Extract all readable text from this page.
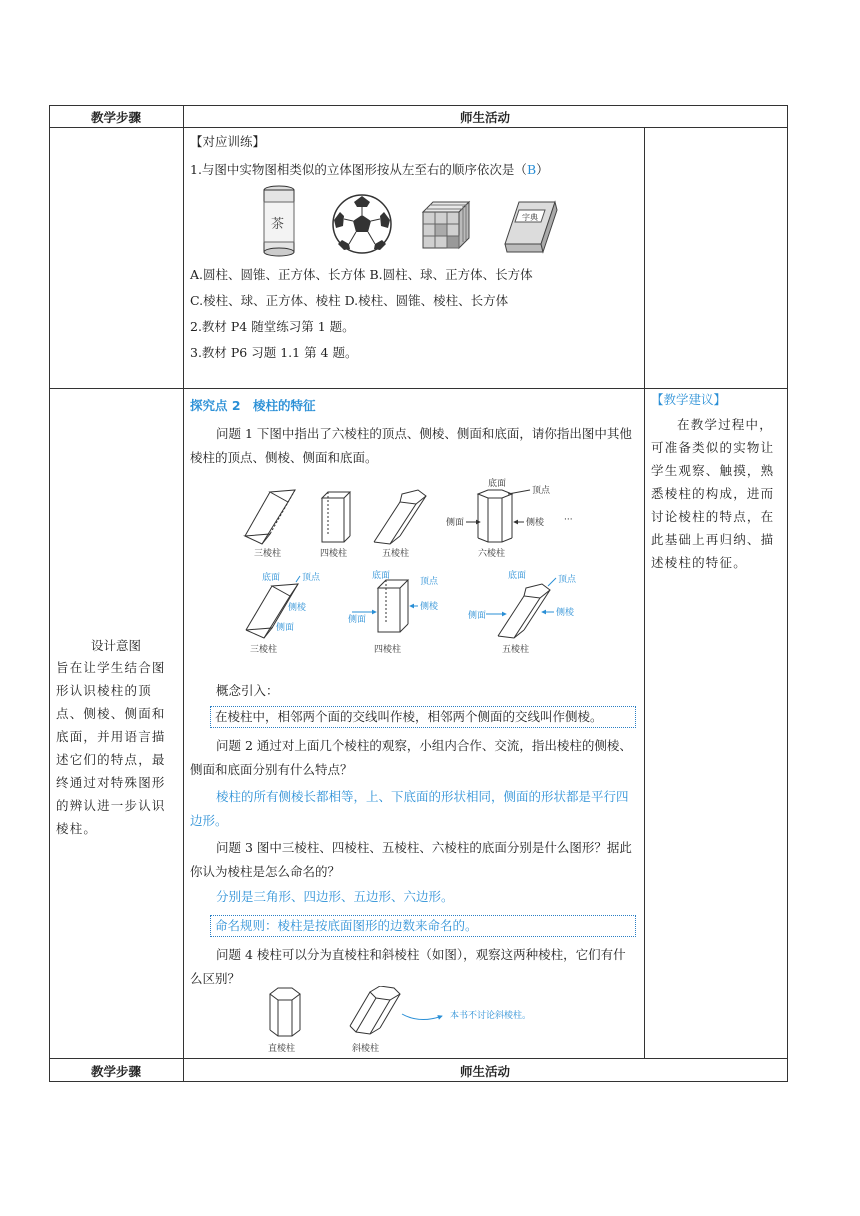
教学步骤	师生活动
教学步骤	师生活动
【对应训练】
1.与图中实物图相类似的立体图形按从左至右的顺序依次是（B）
茶	字典
A.圆柱、圆锥、正方体、长方体 B.圆柱、球、正方体、长方体
C.棱柱、球、正方体、棱柱 D.棱柱、圆锥、棱柱、长方体
2.教材 P4 随堂练习第 1 题。
3.教材 P6 习题 1.1 第 4 题。
设计意图
旨在让学生结合图形认识棱柱的顶点、侧棱、侧面和底面，并用语言描述它们的特点，最终通过对特殊图形的辨认进一步认识棱柱。
【教学建议】
在教学过程中，可准备类似的实物让学生观察、触摸，熟悉棱柱的构成，进而讨论棱柱的特点，在此基础上再归纳、描述棱柱的特征。
探究点 2　棱柱的特征
问题 1 下图中指出了六棱柱的顶点、侧棱、侧面和底面，请你指出图中其他棱柱的顶点、侧棱、侧面和底面。
三棱柱	四棱柱	五棱柱
底面
顶点
侧面	侧棱 ···
六棱柱
底面 顶点
侧棱
侧面
三棱柱
底面
顶点
侧面
侧棱
四棱柱
底面	顶点
侧面	侧棱
五棱柱
概念引入：
在棱柱中，相邻两个面的交线叫作棱，相邻两个侧面的交线叫作侧棱。
问题 2 通过对上面几个棱柱的观察，小组内合作、交流，指出棱柱的侧棱、侧面和底面分别有什么特点？
棱柱的所有侧棱长都相等，上、下底面的形状相同，侧面的形状都是平行四边形。
问题 3 图中三棱柱、四棱柱、五棱柱、六棱柱的底面分别是什么图形？据此你认为棱柱是怎么命名的？
分别是三角形、四边形、五边形、六边形。
命名规则：棱柱是按底面图形的边数来命名的。
问题 4 棱柱可以分为直棱柱和斜棱柱（如图），观察这两种棱柱，它们有什么区别？
直棱柱	斜棱柱
本书不讨论斜棱柱。
